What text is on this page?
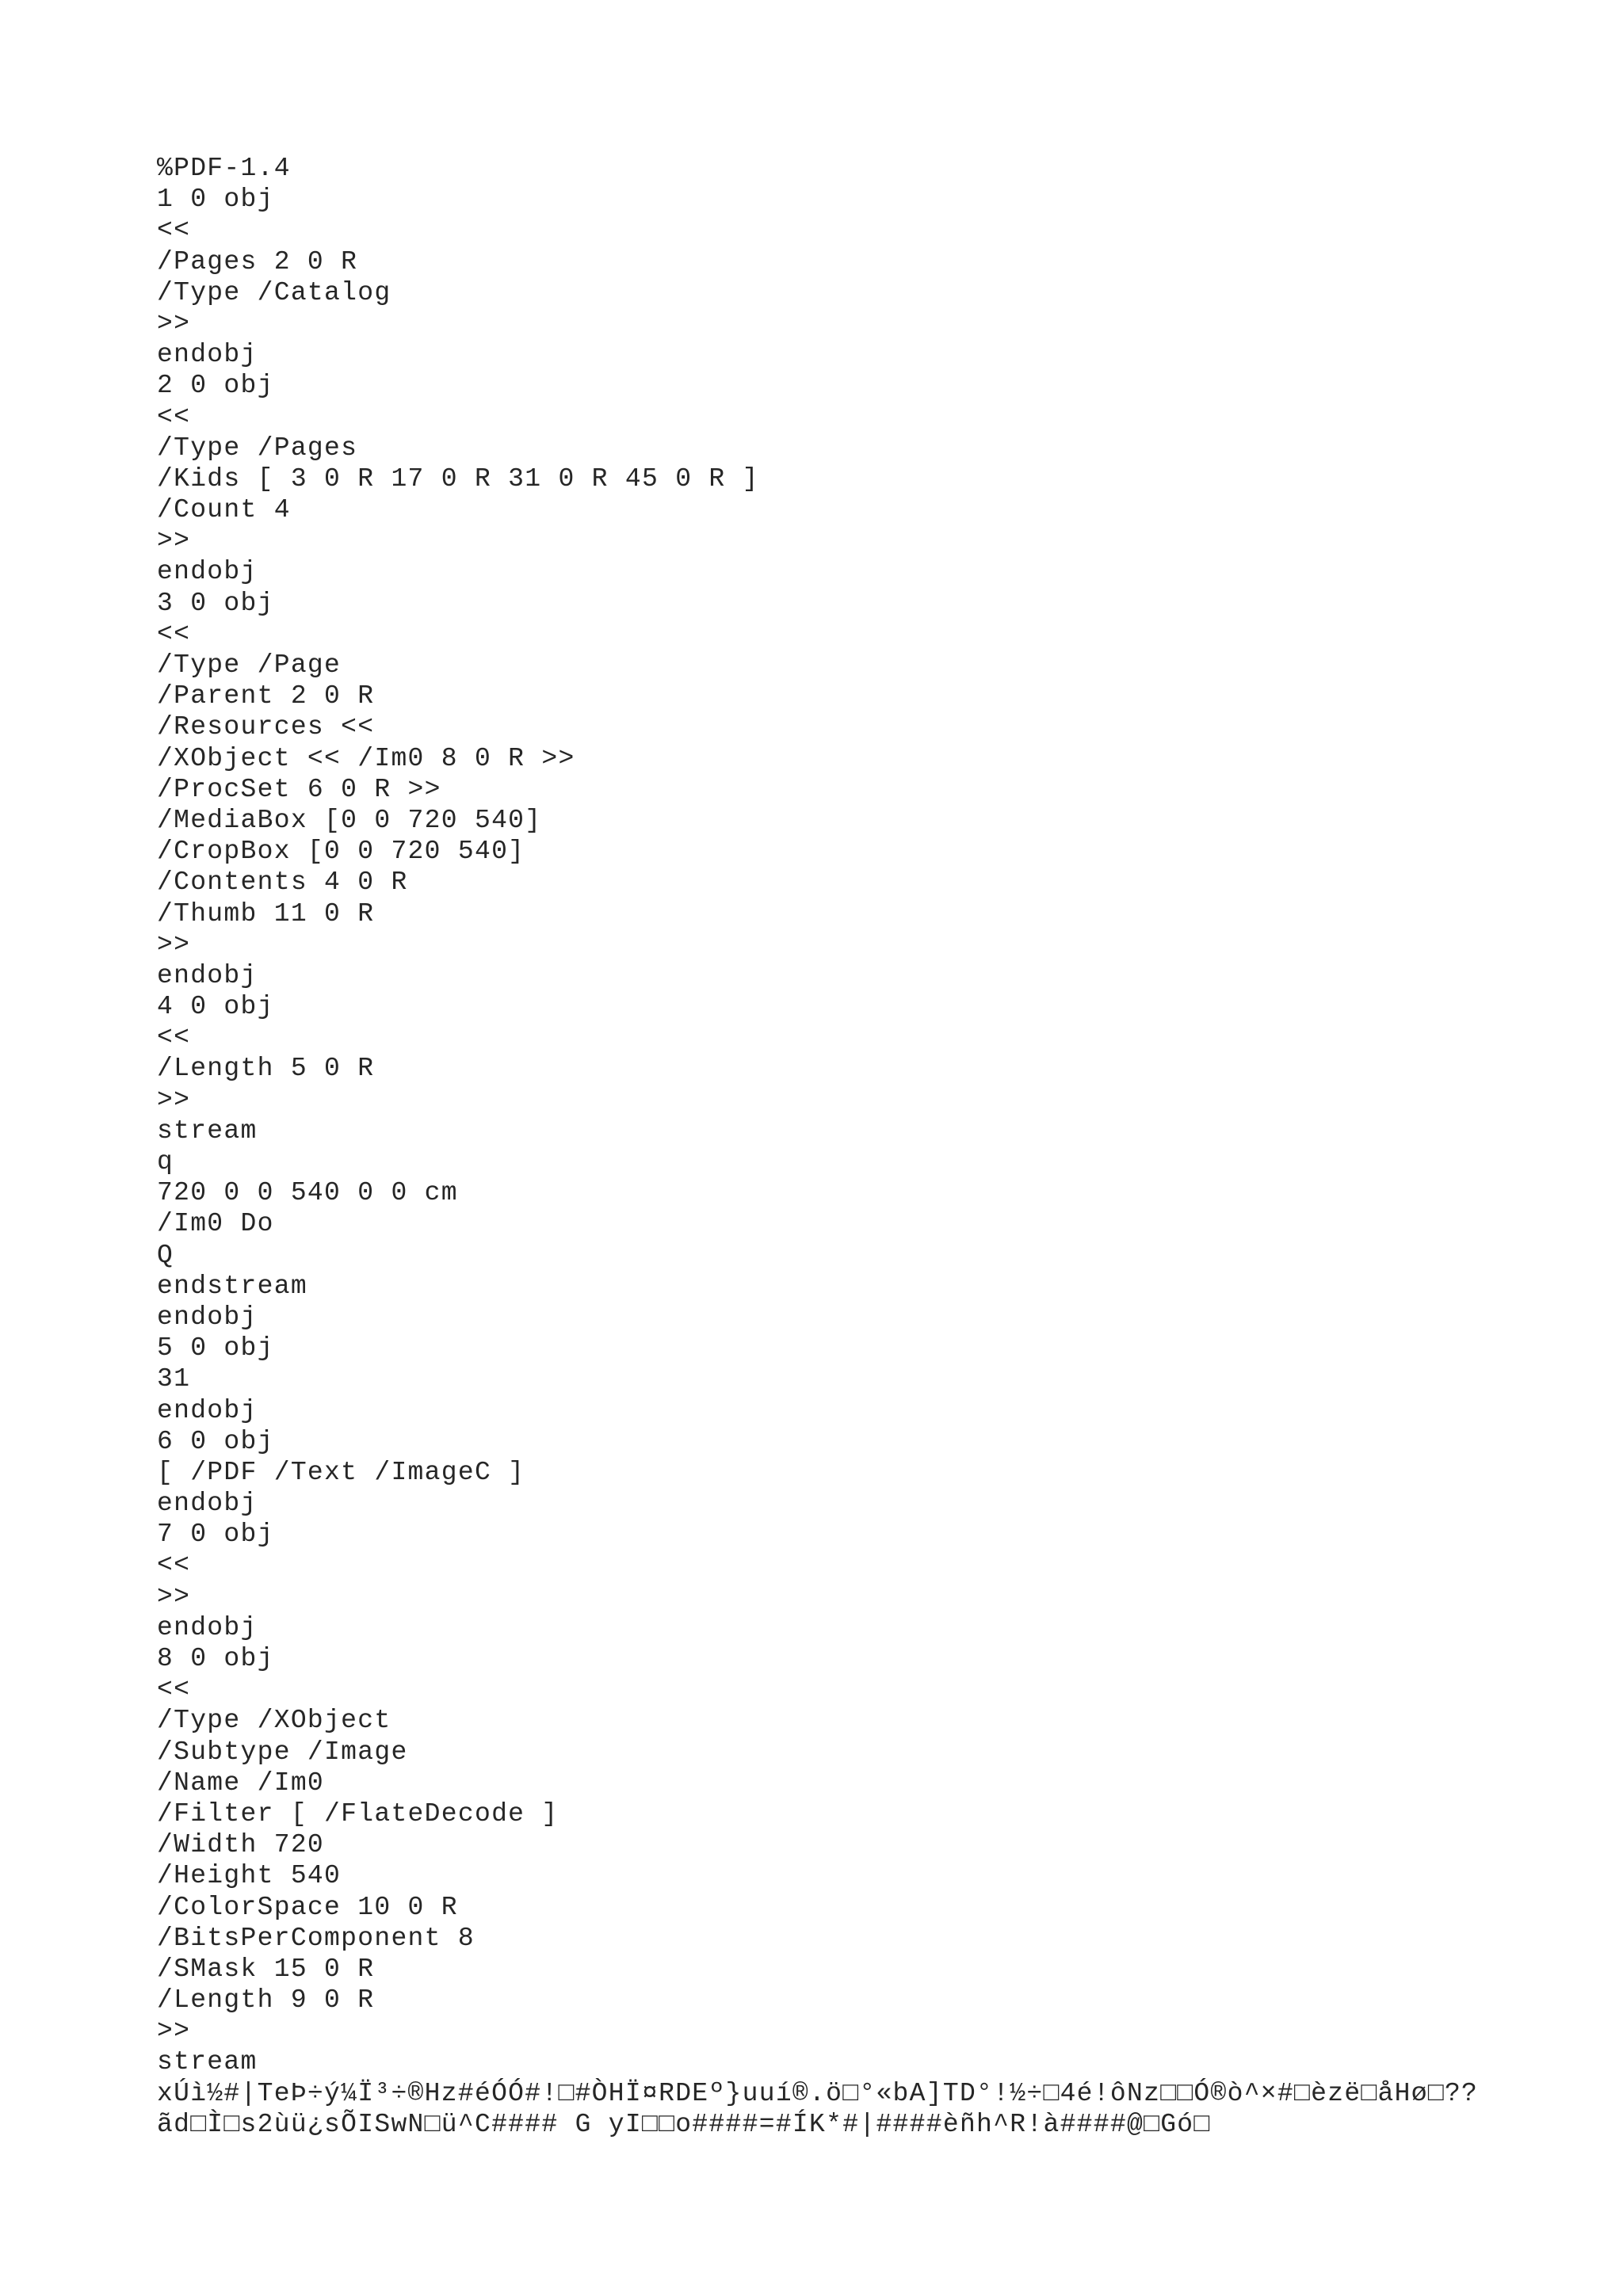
%PDF-1.4
1 0 obj
<<
/Pages 2 0 R
/Type /Catalog
>>
endobj
2 0 obj
<<
/Type /Pages
/Kids [ 3 0 R 17 0 R 31 0 R 45 0 R ]
/Count 4
>>
endobj
3 0 obj
<<
/Type /Page
/Parent 2 0 R
/Resources <<
/XObject << /Im0 8 0 R >>
/ProcSet 6 0 R >>
/MediaBox [0 0 720 540]
/CropBox [0 0 720 540]
/Contents 4 0 R
/Thumb 11 0 R
>>
endobj
4 0 obj
<<
/Length 5 0 R
>>
stream
q
720 0 0 540 0 0 cm
/Im0 Do
Q
endstream
endobj
5 0 obj
31
endobj
6 0 obj
[ /PDF /Text /ImageC ]
endobj
7 0 obj
<<
>>
endobj
8 0 obj
<<
/Type /XObject
/Subtype /Image
/Name /Im0
/Filter [ /FlateDecode ]
/Width 720
/Height 540
/ColorSpace 10 0 R
/BitsPerComponent 8
/SMask 15 0 R
/Length 9 0 R
>>
stream
xÚì½#|TeÞ÷ý¼Ï³÷®Hz#éÓÓ#!□#ÒHÏ¤RDEº}uuí®.ö□°«bA]TD°!½÷□4é!ôNz□□Ó®ò^×#□èzë□åHø□??
ãd□Ì□s2ùü¿sÕISwN□ü^C#### G yI□□o####=#ÍK*#|####èñh^R!à####@□Gó□
